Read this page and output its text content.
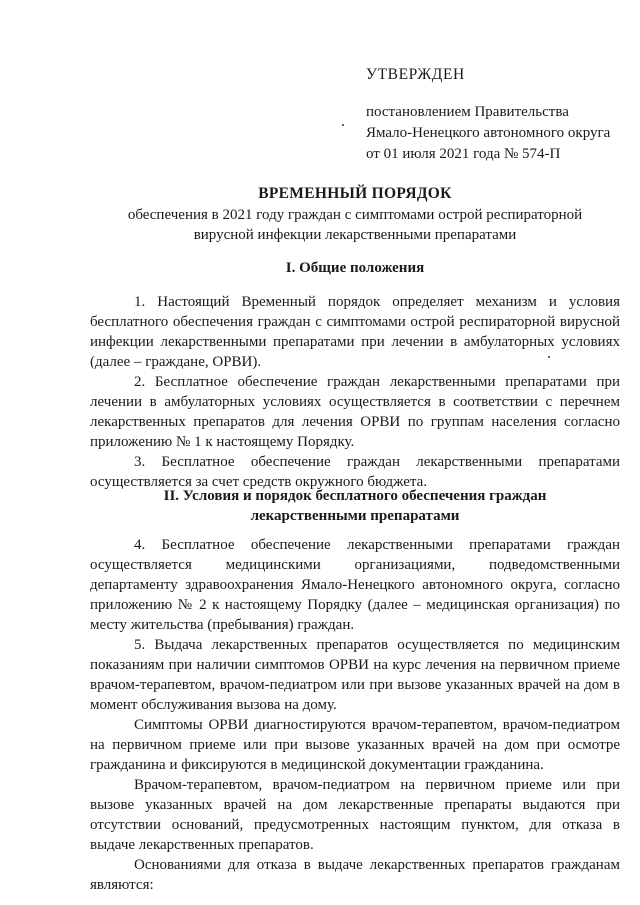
УТВЕРЖДЕН
постановлением Правительства
Ямало-Ненецкого автономного округа
от 01 июля 2021 года № 574-П
ВРЕМЕННЫЙ ПОРЯДОК
обеспечения в 2021 году граждан с симптомами острой респираторной
вирусной инфекции лекарственными препаратами
I. Общие положения

1. Настоящий Временный порядок определяет механизм и условия бесплатного обеспечения граждан с симптомами острой респираторной вирусной инфекции лекарственными препаратами при лечении в амбулаторных условиях (далее – граждане, ОРВИ).

2. Бесплатное обеспечение граждан лекарственными препаратами при лечении в амбулаторных условиях осуществляется в соответствии с перечнем лекарственных препаратов для лечения ОРВИ по группам населения согласно приложению № 1 к настоящему Порядку.

3. Бесплатное обеспечение граждан лекарственными препаратами осуществляется за счет средств окружного бюджета.

II. Условия и порядок бесплатного обеспечения граждан
лекарственными препаратами

4. Бесплатное обеспечение лекарственными препаратами граждан осуществляется медицинскими организациями, подведомственными департаменту здравоохранения Ямало-Ненецкого автономного округа, согласно приложению № 2 к настоящему Порядку (далее – медицинская организация) по месту жительства (пребывания) граждан.

5. Выдача лекарственных препаратов осуществляется по медицинским показаниям при наличии симптомов ОРВИ на курс лечения на первичном приеме врачом-терапевтом, врачом-педиатром или при вызове указанных врачей на дом в момент обслуживания вызова на дому.

Симптомы ОРВИ диагностируются врачом-терапевтом, врачом-педиатром на первичном приеме или при вызове указанных врачей на дом при осмотре гражданина и фиксируются в медицинской документации гражданина.

Врачом-терапевтом, врачом-педиатром на первичном приеме или при вызове указанных врачей на дом лекарственные препараты выдаются при отсутствии оснований, предусмотренных настоящим пунктом, для отказа в выдаче лекарственных препаратов.

Основаниями для отказа в выдаче лекарственных препаратов гражданам являются:
